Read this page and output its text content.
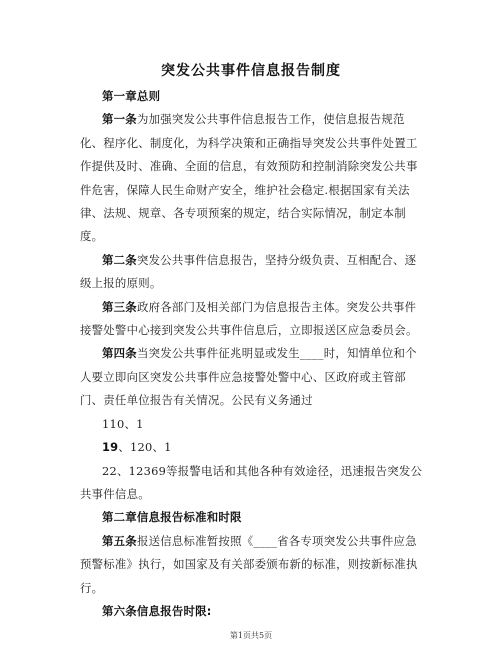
突发公共事件信息报告制度

第一章总则

第一条为加强突发公共事件信息报告工作，使信息报告规范化、程序化、制度化，为科学决策和正确指导突发公共事件处置工作提供及时、准确、全面的信息，有效预防和控制消除突发公共事件危害，保障人民生命财产安全，维护社会稳定.根据国家有关法律、法规、规章、各专项预案的规定，结合实际情况，制定本制度。

第二条突发公共事件信息报告，坚持分级负责、互相配合、逐级上报的原则。

第三条政府各部门及相关部门为信息报告主体。突发公共事件接警处警中心接到突发公共事件信息后，立即报送区应急委员会。

第四条当突发公共事件征兆明显或发生____时，知情单位和个人要立即向区突发公共事件应急接警处警中心、区政府或主管部门、责任单位报告有关情况。公民有义务通过

110、1

19、120、1

22、12369等报警电话和其他各种有效途径，迅速报告突发公共事件信息。

第二章信息报告标准和时限

第五条报送信息标准暂按照《____省各专项突发公共事件应急预警标准》执行，如国家及有关部委颁布新的标准，则按新标准执行。

第六条信息报告时限:

第1页共5页
